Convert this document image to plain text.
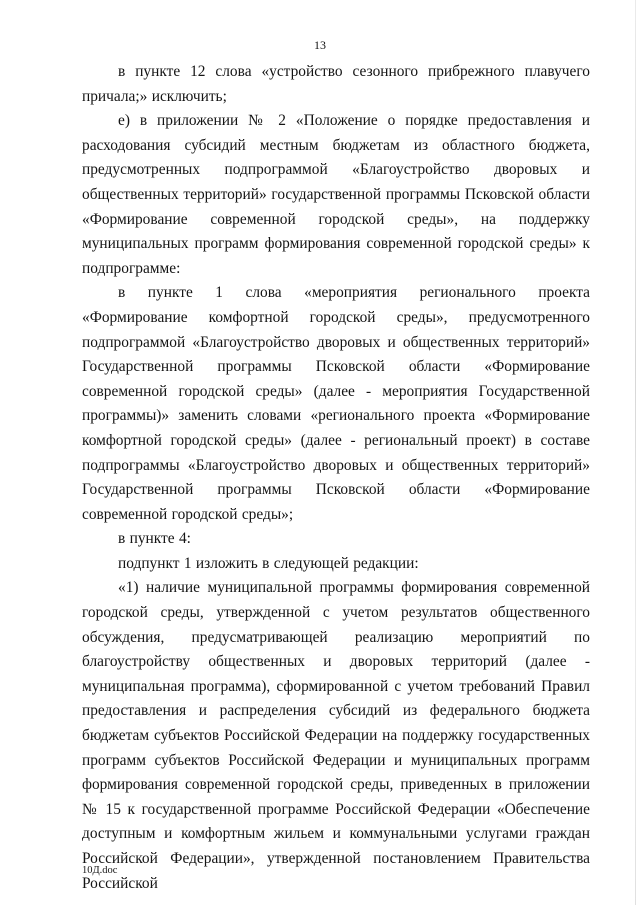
13

в пункте 12 слова «устройство сезонного прибрежного плавучего причала;» исключить;

е) в приложении № 2 «Положение о порядке предоставления и расходования субсидий местным бюджетам из областного бюджета, предусмотренных подпрограммой «Благоустройство дворовых и общественных территорий» государственной программы Псковской области «Формирование современной городской среды», на поддержку муниципальных программ формирования современной городской среды» к подпрограмме:

в пункте 1 слова «мероприятия регионального проекта «Формирование комфортной городской среды», предусмотренного подпрограммой «Благоустройство дворовых и общественных территорий» Государственной программы Псковской области «Формирование современной городской среды» (далее - мероприятия Государственной программы)» заменить словами «регионального проекта «Формирование комфортной городской среды» (далее - региональный проект) в составе подпрограммы «Благоустройство дворовых и общественных территорий» Государственной программы Псковской области «Формирование современной городской среды»;

в пункте 4:

подпункт 1 изложить в следующей редакции:

«1) наличие муниципальной программы формирования современной городской среды, утвержденной с учетом результатов общественного обсуждения, предусматривающей реализацию мероприятий по благоустройству общественных и дворовых территорий (далее - муниципальная программа), сформированной с учетом требований Правил предоставления и распределения субсидий из федерального бюджета бюджетам субъектов Российской Федерации на поддержку государственных программ субъектов Российской Федерации и муниципальных программ формирования современной городской среды, приведенных в приложении № 15 к государственной программе Российской Федерации «Обеспечение доступным и комфортным жильем и коммунальными услугами граждан Российской Федерации», утвержденной постановлением Правительства Российской

10Д.doc
